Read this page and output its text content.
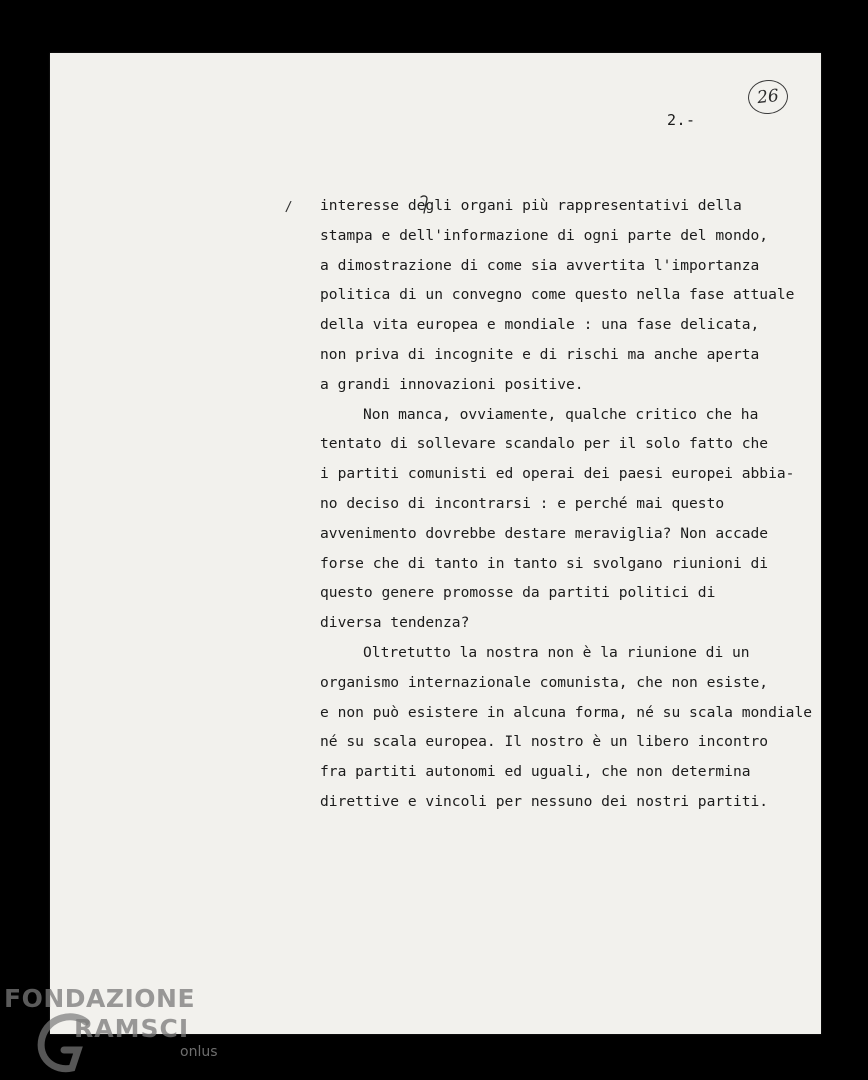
26
2.-
/ interesse degli organi più rappresentativi della
stampa e dell'informazione di ogni parte del mondo,
a dimostrazione di come sia avvertita l'importanza
politica di un convegno come questo nella fase attuale
della vita europea e mondiale : una fase delicata,
non priva di incognite e di rischi ma anche aperta
a grandi innovazioni positive.
Non manca, ovviamente, qualche critico che ha
tentato di sollevare scandalo per il solo fatto che
i partiti comunisti ed operai dei paesi europei abbia-
no deciso di incontrarsi : e perché mai questo
avvenimento dovrebbe destare meraviglia? Non accade
forse che di tanto in tanto si svolgano riunioni di
questo genere promosse da partiti politici di
diversa tendenza?
Oltretutto la nostra non è la riunione di un
organismo internazionale comunista, che non esiste,
e non può esistere in alcuna forma, né su scala mondiale
né su scala europea. Il nostro è un libero incontro
fra partiti autonomi ed uguali, che non determina
direttive e vincoli per nessuno dei nostri partiti.
FONDAZIONE
RAMSCI
onlus
